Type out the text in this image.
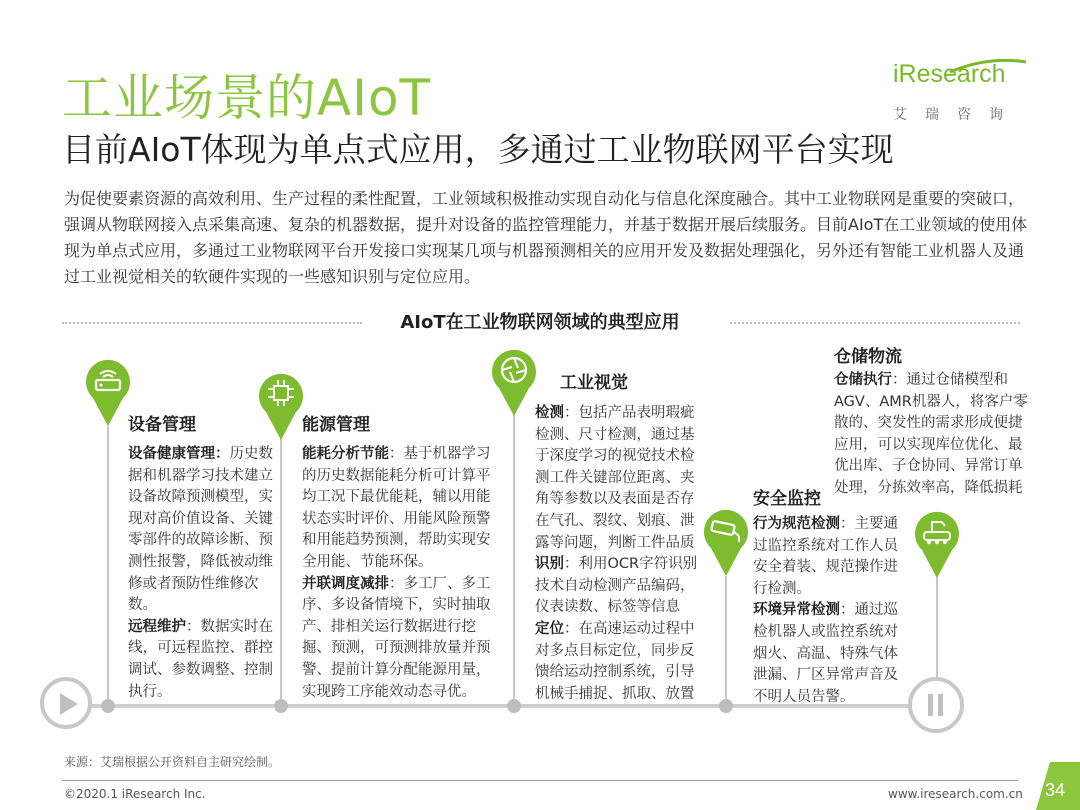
工业场景的AIoT
目前AIoT体现为单点式应用，多通过工业物联网平台实现
iResearch
艾瑞咨询

为促使要素资源的高效利用、生产过程的柔性配置，工业领域积极推动实现自动化与信息化深度融合。其中工业物联网是重要的突破口，强调从物联网接入点采集高速、复杂的机器数据，提升对设备的监控管理能力，并基于数据开展后续服务。目前AIoT在工业领域的使用体现为单点式应用，多通过工业物联网平台开发接口实现某几项与机器预测相关的应用开发及数据处理强化，另外还有智能工业机器人及通过工业视觉相关的软硬件实现的一些感知识别与定位应用。

AIoT在工业物联网领域的典型应用
设备管理	能源管理
工业视觉
安全监控
仓储物流

设备健康管理：历史数据和机器学习技术建立设备故障预测模型，实现对高价值设备、关键零部件的故障诊断、预测性报警，降低被动维修或者预防性维修次数。

远程维护：数据实时在线，可远程监控、群控调试、参数调整、控制执行。

能耗分析节能：基于机器学习的历史数据能耗分析可计算平均工况下最优能耗，辅以用能状态实时评价、用能风险预警和用能趋势预测，帮助实现安全用能、节能环保。

并联调度减排：多工厂、多工序、多设备情境下，实时抽取产、排相关运行数据进行挖掘、预测，可预测排放量并预警、提前计算分配能源用量，实现跨工序能效动态寻优。

检测：包括产品表明瑕疵检测、尺寸检测，通过基于深度学习的视觉技术检测工件关键部位距离、夹角等参数以及表面是否存在气孔、裂纹、划痕、泄露等问题，判断工件品质

识别：利用OCR字符识别技术自动检测产品编码，仪表读数、标签等信息

定位：在高速运动过程中对多点目标定位，同步反馈给运动控制系统，引导机械手捕捉、抓取、放置

行为规范检测：主要通过监控系统对工作人员安全着装、规范操作进行检测。

环境异常检测：通过巡检机器人或监控系统对烟火、高温、特殊气体泄漏、厂区异常声音及不明人员告警。

仓储执行：通过仓储模型和AGV、AMR机器人，将客户零散的、突发性的需求形成便捷应用，可以实现库位优化、最优出库、子仓协同、异常订单处理，分拣效率高，降低损耗

来源：艾瑞根据公开资料自主研究绘制。
©2020.1 iResearch Inc.	www.iresearch.com.cn 34
